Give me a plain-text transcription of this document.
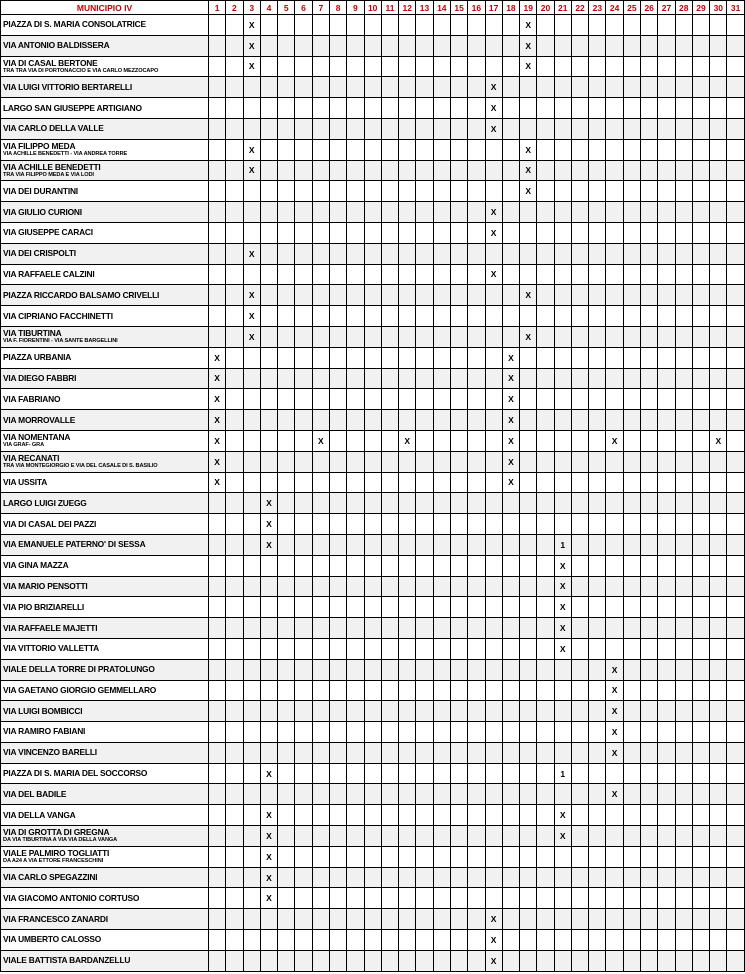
MUNICIPIO IV	1	2	3	4	5	6	7	8	9	10	11	12	13	14	15	16	17	18	19	20	21	22	23	24	25	26	27	28	29	30	31
PIAZZA DI S. MARIA CONSOLATRICE			X																X												
VIA ANTONIO BALDISSERA			X																X												
VIA DI CASAL BERTONE
TRA TRA VIA DI PORTONACCIO E VIA CARLO MEZZOCAPO			X																X												
VIA LUIGI VITTORIO BERTARELLI																	X														
LARGO SAN GIUSEPPE ARTIGIANO																	X														
VIA CARLO DELLA VALLE																	X														
VIA FILIPPO MEDA
VIA ACHILLE BENEDETTI - VIA ANDREA TORRE			X																X												
VIA ACHILLE BENEDETTI
TRA VIA FILIPPO MEDA E VIA LODI			X																X												
VIA DEI DURANTINI																			X												
VIA GIULIO CURIONI																	X														
VIA GIUSEPPE CARACI																	X														
VIA DEI CRISPOLTI			X																												
VIA RAFFAELE CALZINI																	X														
PIAZZA RICCARDO BALSAMO CRIVELLI			X																X												
VIA CIPRIANO FACCHINETTI			X																												
VIA TIBURTINA
VIA F. FIORENTINI - VIA SANTE BARGELLINI			X																X												
PIAZZA URBANIA	X																	X													
VIA DIEGO FABBRI	X																	X													
VIA FABRIANO	X																	X													
VIA MORROVALLE	X																	X													
VIA NOMENTANA
VIA GRAF- GRA	X						X					X						X						X						X	
VIA RECANATI
TRA VIA MONTEGIORGIO E VIA DEL CASALE DI S. BASILIO	X																	X													
VIA USSITA	X																	X													
LARGO LUIGI ZUEGG				X																											
VIA DI CASAL DEI PAZZI				X																											
VIA EMANUELE PATERNO' DI SESSA				X																	1										
VIA GINA MAZZA																					X										
VIA MARIO PENSOTTI																					X										
VIA PIO BRIZIARELLI																					X										
VIA RAFFAELE MAJETTI																					X										
VIA VITTORIO VALLETTA																					X										
VIALE DELLA TORRE DI PRATOLUNGO																								X							
VIA GAETANO GIORGIO GEMMELLARO																								X							
VIA LUIGI BOMBICCI																								X							
VIA RAMIRO FABIANI																								X							
VIA VINCENZO BARELLI																								X							
PIAZZA DI S. MARIA DEL SOCCORSO				X																	1										
VIA DEL BADILE																								X							
VIA DELLA VANGA				X																	X										
VIA DI GROTTA DI GREGNA
DA VIA TIBURTINA A VIA VIA DELLA VANGA				X																	X										
VIALE PALMIRO TOGLIATTI
DA A24 A VIA ETTORE FRANCESCHINI				X																											
VIA CARLO SPEGAZZINI				X																											
VIA GIACOMO ANTONIO CORTUSO				X																											
VIA FRANCESCO ZANARDI																	X														
VIA UMBERTO CALOSSO																	X														
VIALE BATTISTA BARDANZELLU																	X														
